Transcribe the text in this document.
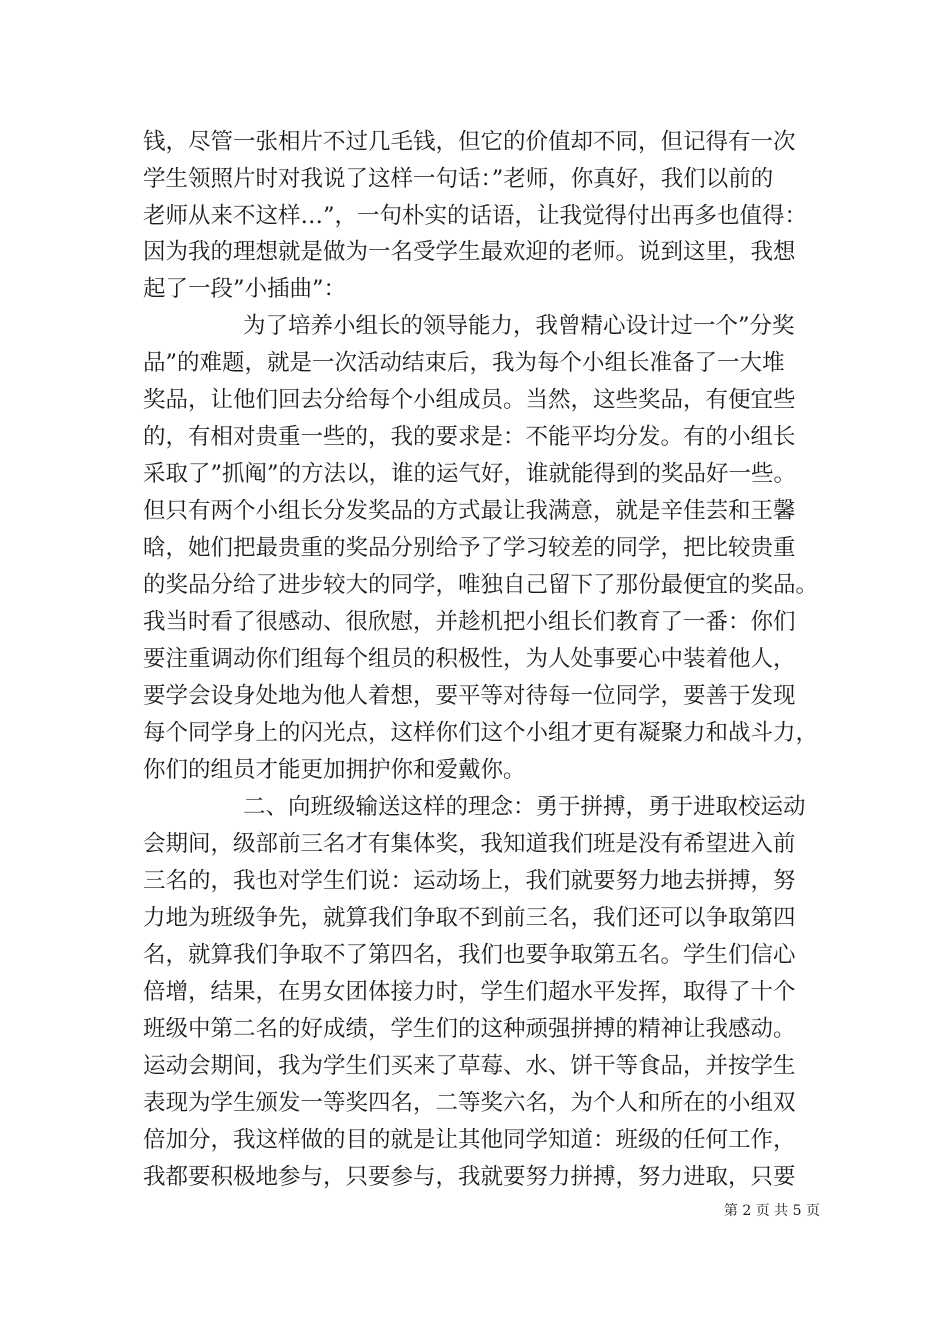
钱，尽管一张相片不过几毛钱，但它的价值却不同，但记得有一次
学生领照片时对我说了这样一句话：”老师，你真好，我们以前的
老师从来不这样…”，一句朴实的话语，让我觉得付出再多也值得：
因为我的理想就是做为一名受学生最欢迎的老师。说到这里，我想
起了一段”小插曲”：
为了培养小组长的领导能力，我曾精心设计过一个”分奖
品”的难题，就是一次活动结束后，我为每个小组长准备了一大堆
奖品，让他们回去分给每个小组成员。当然，这些奖品，有便宜些
的，有相对贵重一些的，我的要求是：不能平均分发。有的小组长
采取了”抓阄”的方法以，谁的运气好，谁就能得到的奖品好一些。
但只有两个小组长分发奖品的方式最让我满意，就是辛佳芸和王馨
晗，她们把最贵重的奖品分别给予了学习较差的同学，把比较贵重
的奖品分给了进步较大的同学，唯独自己留下了那份最便宜的奖品。
我当时看了很感动、很欣慰，并趁机把小组长们教育了一番：你们
要注重调动你们组每个组员的积极性，为人处事要心中装着他人，
要学会设身处地为他人着想，要平等对待每一位同学，要善于发现
每个同学身上的闪光点，这样你们这个小组才更有凝聚力和战斗力，
你们的组员才能更加拥护你和爱戴你。
二、向班级输送这样的理念：勇于拼搏，勇于进取校运动
会期间，级部前三名才有集体奖，我知道我们班是没有希望进入前
三名的，我也对学生们说：运动场上，我们就要努力地去拼搏，努
力地为班级争先，就算我们争取不到前三名，我们还可以争取第四
名，就算我们争取不了第四名，我们也要争取第五名。学生们信心
倍增，结果，在男女团体接力时，学生们超水平发挥，取得了十个
班级中第二名的好成绩，学生们的这种顽强拼搏的精神让我感动。
运动会期间，我为学生们买来了草莓、水、饼干等食品，并按学生
表现为学生颁发一等奖四名，二等奖六名，为个人和所在的小组双
倍加分，我这样做的目的就是让其他同学知道：班级的任何工作，
我都要积极地参与，只要参与，我就要努力拼搏，努力进取，只要
第 2 页 共 5 页
